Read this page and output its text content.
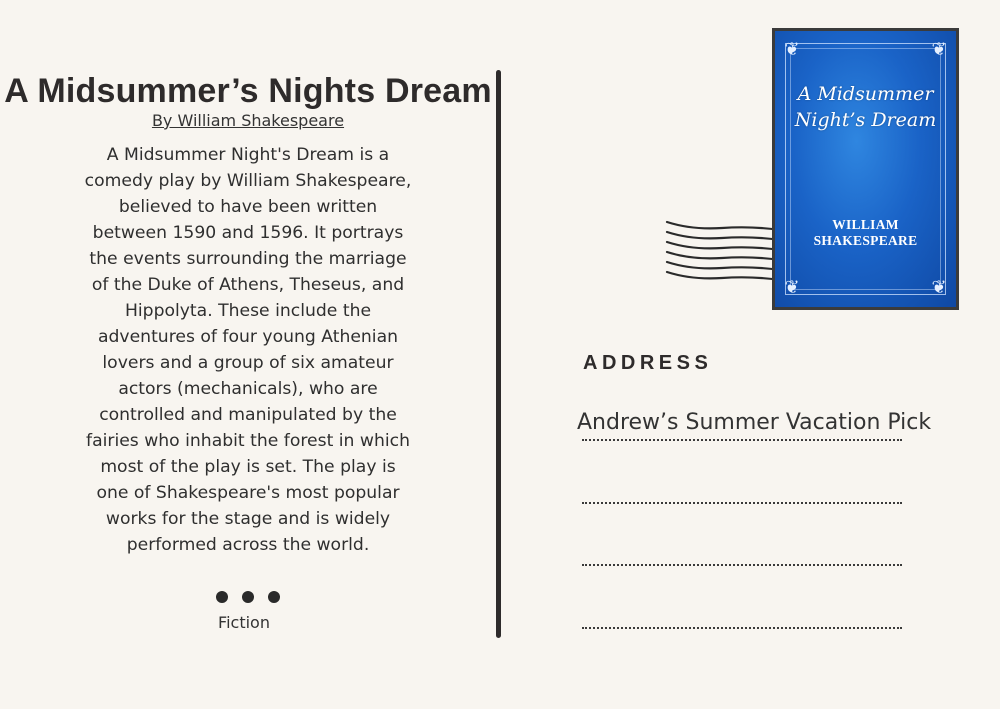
A Midsummer’s Nights Dream
By William Shakespeare

A Midsummer Night's Dream is a comedy play by William Shakespeare, believed to have been written between 1590 and 1596. It portrays the events surrounding the marriage of the Duke of Athens, Theseus, and Hippolyta. These include the adventures of four young Athenian lovers and a group of six amateur actors (mechanicals), who are controlled and manipulated by the fairies who inhabit the forest in which most of the play is set. The play is one of Shakespeare's most popular works for the stage and is widely performed across the world.

Fiction
❦	❦
❦	❦
A Midsummer
Night’s Dream
WILLIAM
SHAKESPEARE
ADDRESS
Andrew’s Summer Vacation Pick
